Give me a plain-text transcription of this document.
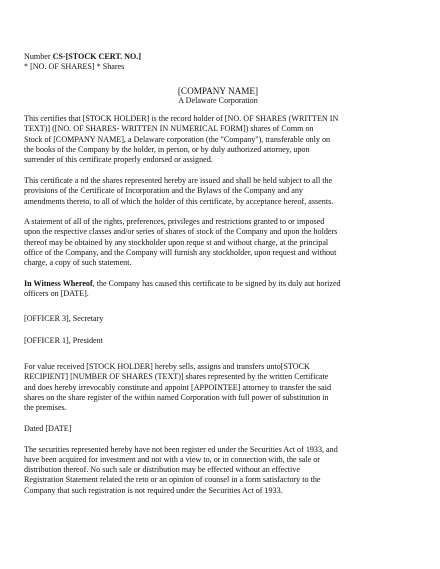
Number CS-[STOCK CERT. NO.]
* [NO. OF SHARES] * Shares
[COMPANY NAME]
A Delaware Corporation
This certifies that [STOCK HOLDER] is the record holder of [NO. OF SHARES (WRITTEN IN
TEXT)] ([NO. OF SHARES- WRITTEN IN NUMERICAL FORM]) shares of Comm on
Stock of [COMPANY NAME], a Delaware corporation (the "Company"), transferable only on
the books of the Company by the holder, in person, or by duly authorized attorney, upon
surrender of this certificate properly endorsed or assigned.
This certificate a nd the shares represented hereby are issued and shall be held subject to all the
provisions of the Certificate of Incorporation and the Bylaws of the Company and any
amendments thereto, to all of which the holder of this certificate, by acceptance hereof, assents.
A statement of all of the rights, preferences, privileges and restrictions granted to or imposed
upon the respective classes and/or series of shares of stock of the Company and upon the holders
thereof may be obtained by any stockholder upon reque st and without charge, at the principal
office of the Company, and the Company will furnish any stockholder, upon request and without
charge, a copy of such statement.
In Witness Whereof, the Company has caused this certificate to be signed by its duly aut horized
officers on [DATE].
[OFFICER 3], Secretary
[OFFICER 1], President
For value received [STOCK HOLDER] hereby sells, assigns and transfers unto[STOCK
RECIPIENT] [NUMBER OF SHARES (TEXT)] shares represented by the written Certificate
and does hereby irrevocably constitute and appoint [APPOINTEE] attorney to transfer the said
shares on the share register of the within named Corporation with full power of substitution in
the premises.
Dated [DATE]
The securities represented hereby have not been register ed under the Securities Act of 1933, and
have been acquired for investment and not with a view to, or in connection with, the sale or
distribution thereof. No such sale or distribution may be effected without an effective
Registration Statement related the reto or an opinion of counsel in a form satisfactory to the
Company that such registration is not required under the Securities Act of 1933.
